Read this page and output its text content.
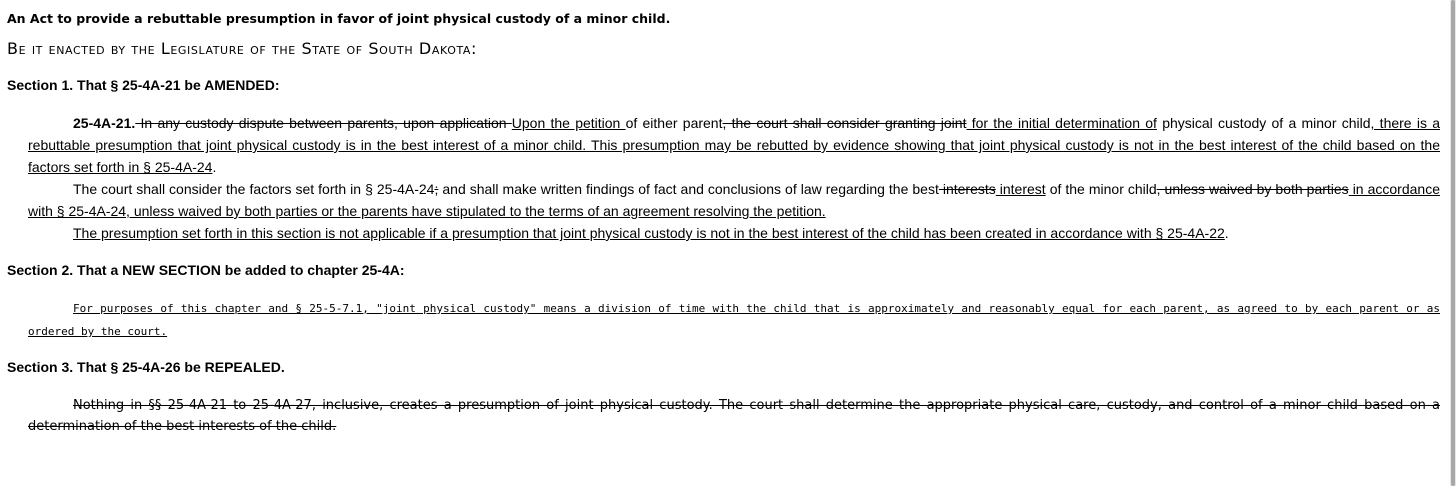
An Act to provide a rebuttable presumption in favor of joint physical custody of a minor child.
Be it enacted by the Legislature of the State of South Dakota:
Section 1. That § 25-4A-21 be AMENDED:
25-4A-21. In any custody dispute between parents, upon application Upon the petition of either parent, the court shall consider granting joint for the initial determination of physical custody of a minor child, there is a rebuttable presumption that joint physical custody is in the best interest of a minor child. This presumption may be rebutted by evidence showing that joint physical custody is not in the best interest of the child based on the factors set forth in § 25-4A-24.
The court shall consider the factors set forth in § 25-4A-24; and shall make written findings of fact and conclusions of law regarding the best interests interest of the minor child, unless waived by both parties in accordance with § 25-4A-24, unless waived by both parties or the parents have stipulated to the terms of an agreement resolving the petition.
The presumption set forth in this section is not applicable if a presumption that joint physical custody is not in the best interest of the child has been created in accordance with § 25-4A-22.
Section 2. That a NEW SECTION be added to chapter 25-4A:
For purposes of this chapter and § 25-5-7.1, "joint physical custody" means a division of time with the child that is approximately and reasonably equal for each parent, as agreed to by each parent or as ordered by the court.
Section 3. That § 25-4A-26 be REPEALED.
Nothing in §§ 25-4A-21 to 25-4A-27, inclusive, creates a presumption of joint physical custody. The court shall determine the appropriate physical care, custody, and control of a minor child based on a determination of the best interests of the child.
